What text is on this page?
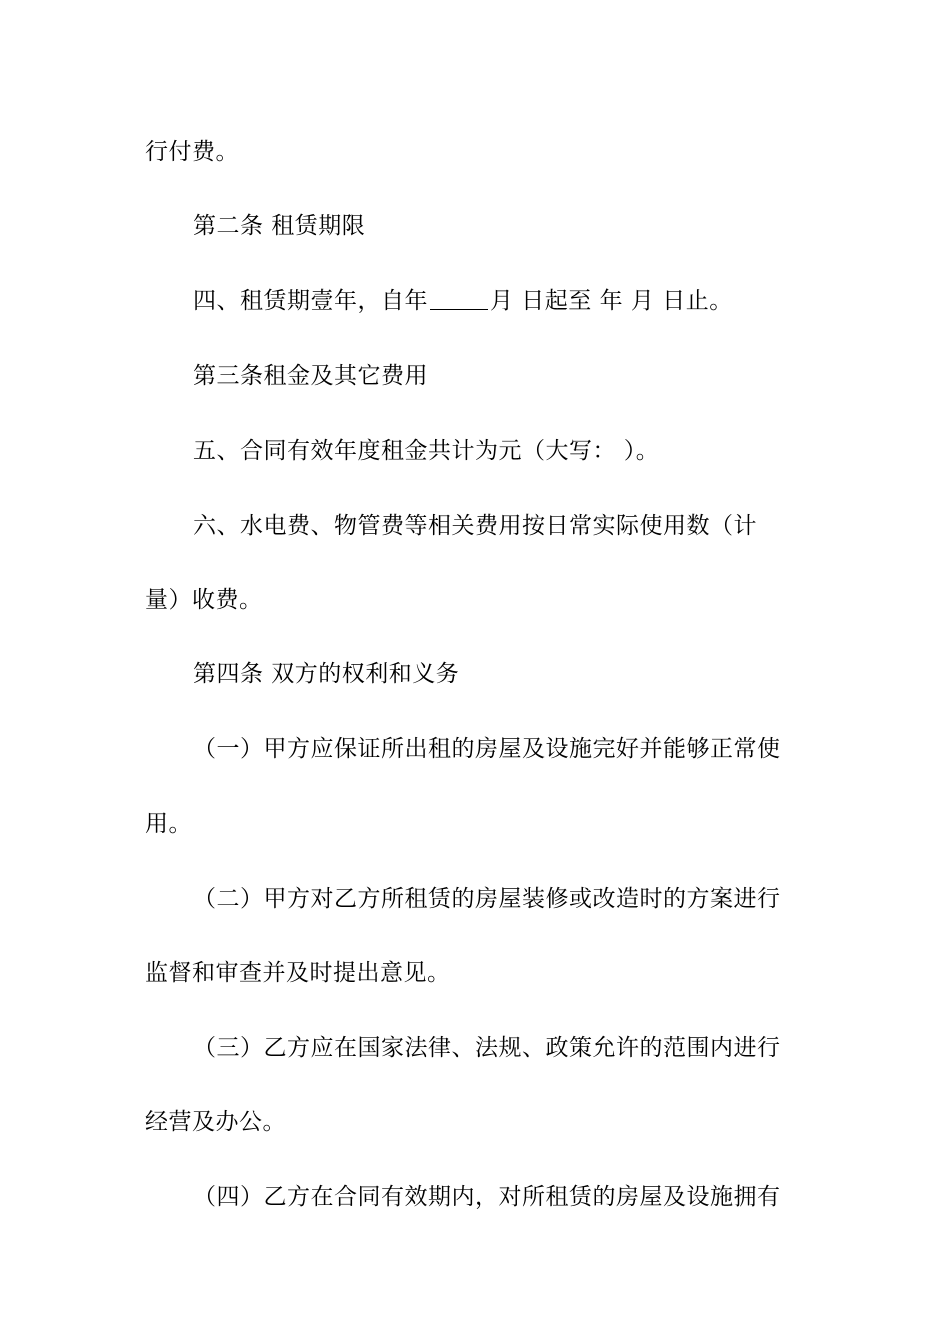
行付费。
第二条 租赁期限
四、租赁期壹年，自年	月 日起至 年 月 日止。
第三条租金及其它费用
五、合同有效年度租金共计为元（大写： ）。
六、水电费、物管费等相关费用按日常实际使用数（计
量）收费。
第四条 双方的权利和义务
（一）甲方应保证所出租的房屋及设施完好并能够正常使
用。
（二）甲方对乙方所租赁的房屋装修或改造时的方案进行
监督和审查并及时提出意见。
（三）乙方应在国家法律、法规、政策允许的范围内进行
经营及办公。
（四）乙方在合同有效期内，对所租赁的房屋及设施拥有
